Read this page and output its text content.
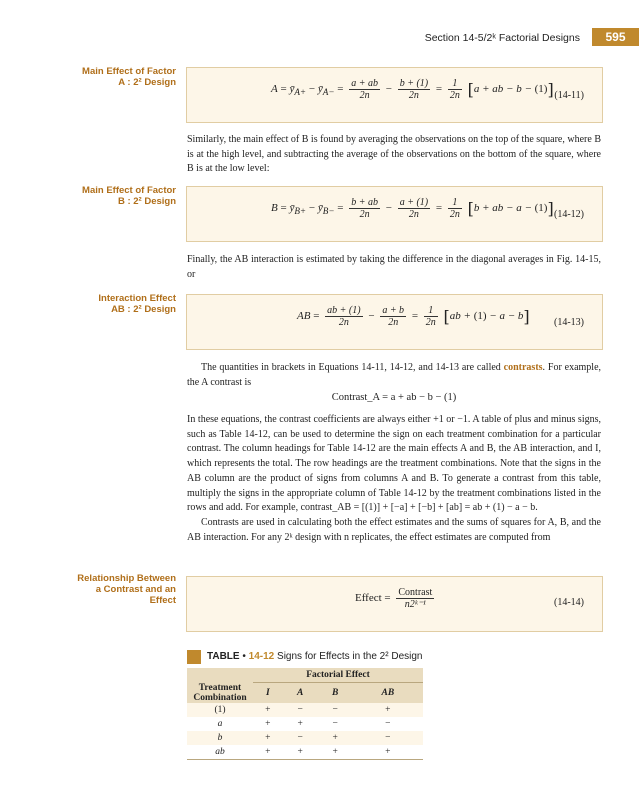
Section 14-5/2ᵏ Factorial Designs	595
Main Effect of Factor
A : 2² Design
Main Effect of Factor
B : 2² Design
Interaction Effect
AB : 2² Design
Relationship Between
a Contrast and an
Effect
$A = ȳ_{A+}$ − $ȳ_{A-} = \frac{a + ab}{2n} - \frac{b + (1)}{2n} = \frac{1}{2n} [a$ + ab − b − (1)] (14-11)

Similarly, the main effect of B is found by averaging the observations on the top of the square, where B is at the high level, and subtracting the average of the observations on the bottom of the square, where B is at the low level:

$B = ȳ_{B+}$ − $ȳ_{B-} = \frac{b + ab}{2n} - \frac{a + (1)}{2n} = \frac{1}{2n} [b$ + ab − a − (1)] (14-12)

Finally, the AB interaction is estimated by taking the difference in the diagonal averages in Fig. 14-15, or

AB = $\frac{ab + (1)}{2n} - \frac{a + b}{2n} = \frac{1}{2n} [ab + (1) - a - b]$ (14-13)

The quantities in brackets in Equations 14-11, 14-12, and 14-13 are called contrasts. For example, the A contrast is

Contrast_A = a + ab − b − (1)

In these equations, the contrast coefficients are always either +1 or −1. A table of plus and minus signs, such as Table 14-12, can be used to determine the sign on each treatment combination for a particular contrast. The column headings for Table 14-12 are the main effects A and B, the AB interaction, and I, which represents the total. The row headings are the treatment combinations. Note that the signs in the AB column are the product of signs from columns A and B. To generate a contrast from this table, multiply the signs in the appropriate column of Table 14-12 by the treatment combinations listed in the rows and add. For example, contrast_AB = [(1)] + [−a] + [−b] + [ab] = ab + (1) − a − b.

Contrasts are used in calculating both the effect estimates and the sums of squares for A, B, and the AB interaction. For any 2ᵏ design with n replicates, the effect estimates are computed from

Effect = $\frac{\text{Contrast}}{\text{n2ᵏ⁻¹}}$	(14-14)
TABLE • 14-12 Signs for Effects in the 2² Design
	Factorial Effect			

Treatment
Combination	I	A	B	AB
(1)	+	−	−	+
a	+	+	−	−
b	+	−	+	−
ab	+	+	+	+
